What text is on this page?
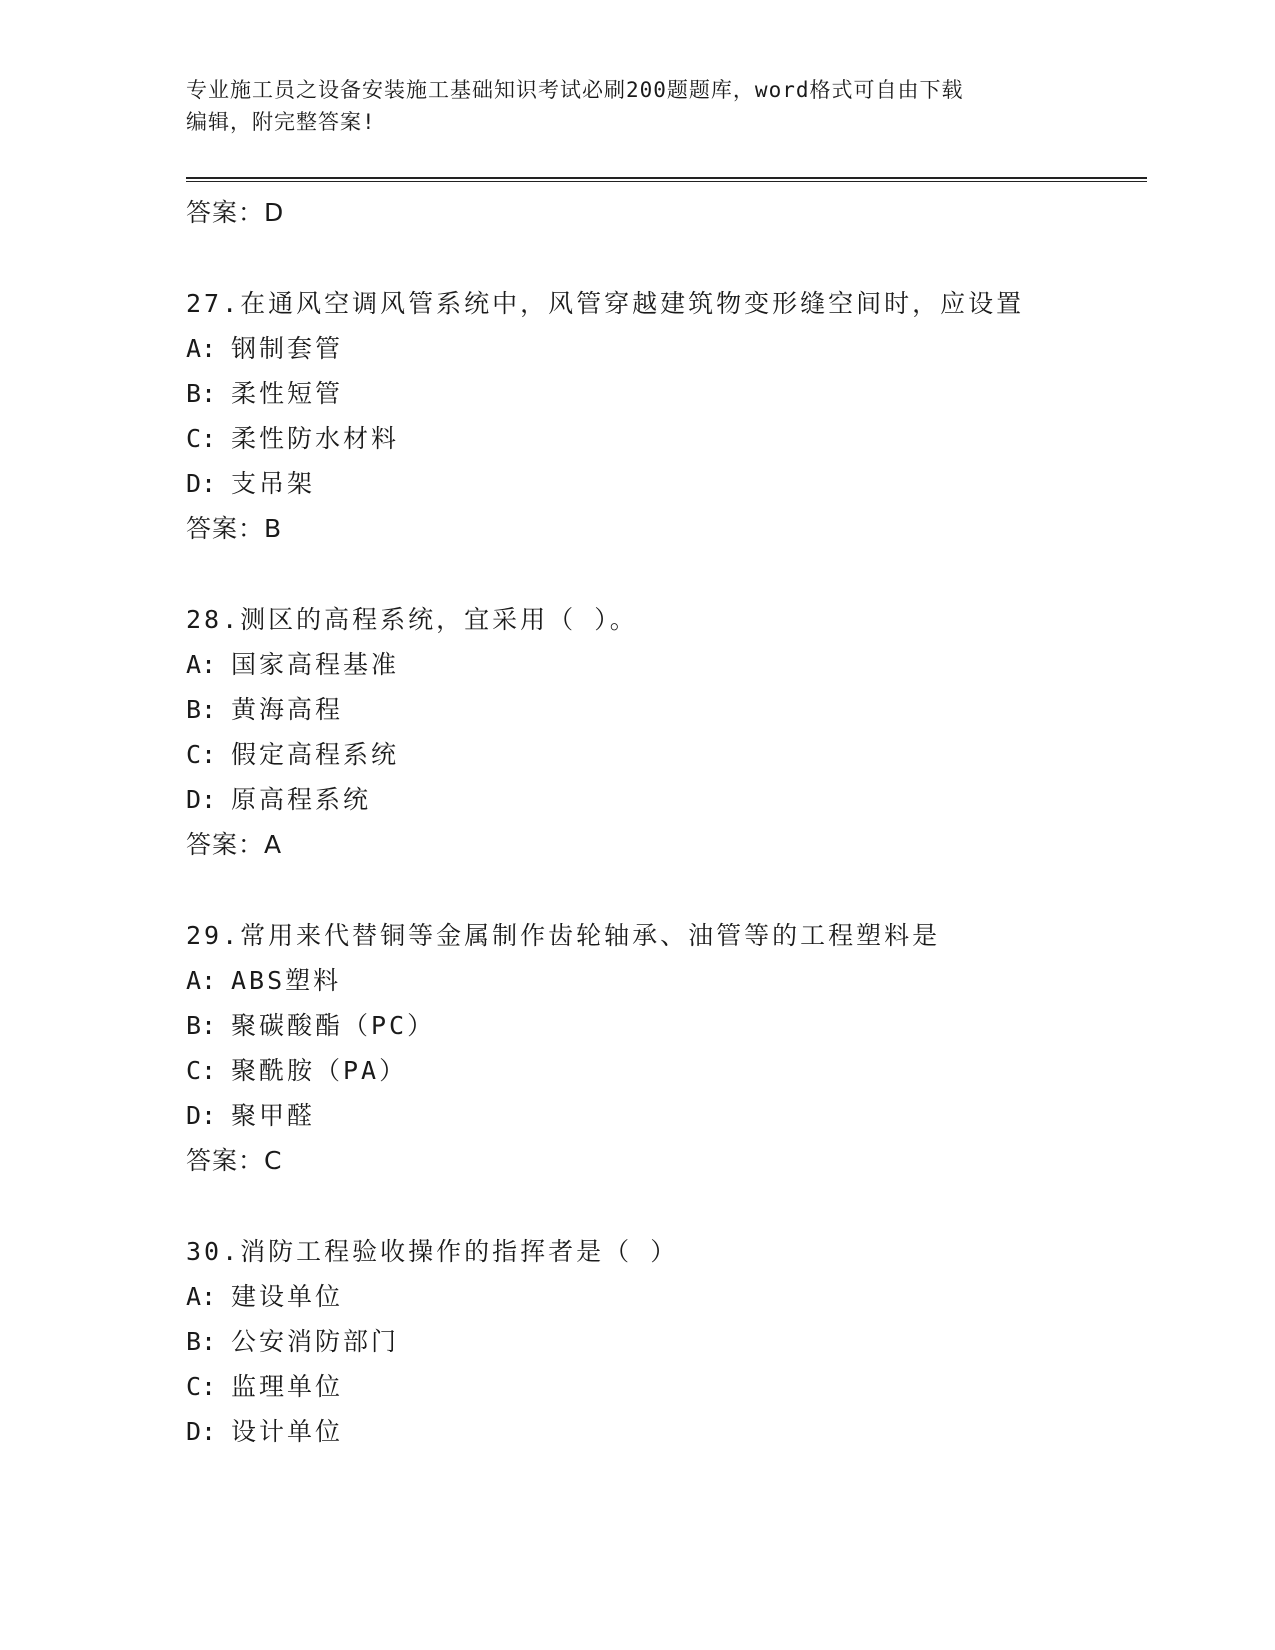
专业施工员之设备安装施工基础知识考试必刷200题题库，word格式可自由下载
编辑，附完整答案!
答案：D
27.在通风空调风管系统中，风管穿越建筑物变形缝空间时，应设置
A: 钢制套管
B: 柔性短管
C: 柔性防水材料
D: 支吊架
答案：B
28.测区的高程系统，宜采用（ ）。
A: 国家高程基准
B: 黄海高程
C: 假定高程系统
D: 原高程系统
答案：A
29.常用来代替铜等金属制作齿轮轴承、油管等的工程塑料是
A: ABS塑料
B: 聚碳酸酯（PC）
C: 聚酰胺（PA）
D: 聚甲醛
答案：C
30.消防工程验收操作的指挥者是（ ）
A: 建设单位
B: 公安消防部门
C: 监理单位
D: 设计单位
